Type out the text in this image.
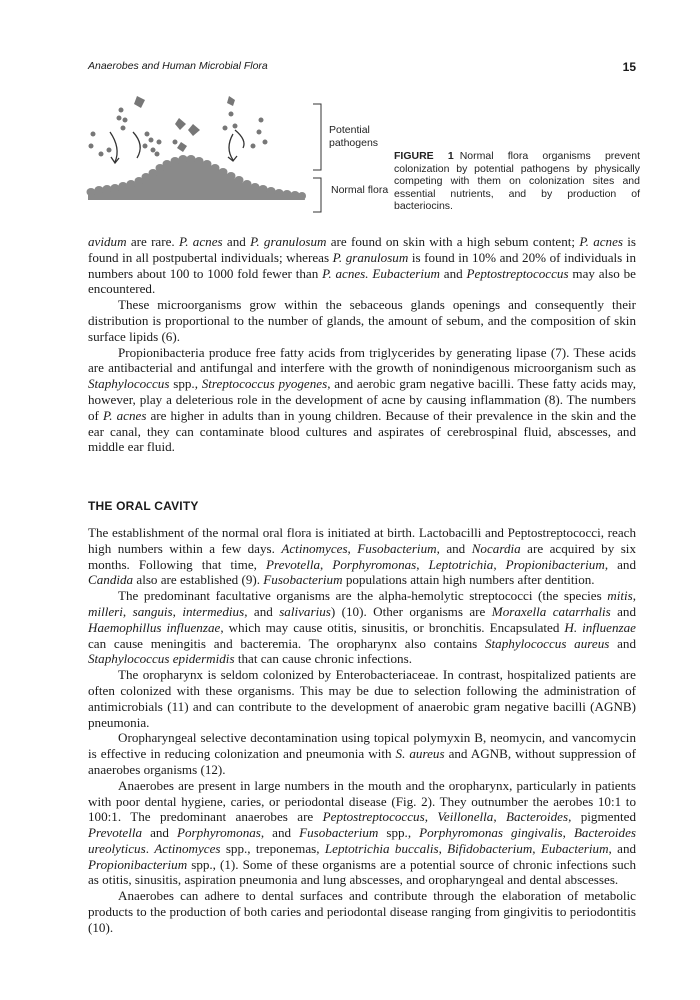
Anaerobes and Human Microbial Flora	15
Potential pathogens
Normal flora
FIGURE 1 Normal flora organisms prevent colonization by potential pathogens by physically competing with them on colonization sites and essential nutrients, and by production of bacteriocins.

avidum are rare. P. acnes and P. granulosum are found on skin with a high sebum content; P. acnes is found in all postpubertal individuals; whereas P. granulosum is found in 10% and 20% of individuals in numbers about 100 to 1000 fold fewer than P. acnes. Eubacterium and Peptostreptococcus may also be encountered.

These microorganisms grow within the sebaceous glands openings and consequently their distribution is proportional to the number of glands, the amount of sebum, and the composition of skin surface lipids (6).

Propionibacteria produce free fatty acids from triglycerides by generating lipase (7). These acids are antibacterial and antifungal and interfere with the growth of nonindigenous microorganism such as Staphylococcus spp., Streptococcus pyogenes, and aerobic gram negative bacilli. These fatty acids may, however, play a deleterious role in the development of acne by causing inflammation (8). The numbers of P. acnes are higher in adults than in young children. Because of their prevalence in the skin and the ear canal, they can contaminate blood cultures and aspirates of cerebrospinal fluid, abscesses, and middle ear fluid.

THE ORAL CAVITY

The establishment of the normal oral flora is initiated at birth. Lactobacilli and Peptostreptococci, reach high numbers within a few days. Actinomyces, Fusobacterium, and Nocardia are acquired by six months. Following that time, Prevotella, Porphyromonas, Leptotrichia, Propionibacterium, and Candida also are established (9). Fusobacterium populations attain high numbers after dentition.

The predominant facultative organisms are the alpha-hemolytic streptococci (the species mitis, milleri, sanguis, intermedius, and salivarius) (10). Other organisms are Moraxella catarrhalis and Haemophillus influenzae, which may cause otitis, sinusitis, or bronchitis. Encapsulated H. influenzae can cause meningitis and bacteremia. The oropharynx also contains Staphylococcus aureus and Staphylococcus epidermidis that can cause chronic infections.

The oropharynx is seldom colonized by Enterobacteriaceae. In contrast, hospitalized patients are often colonized with these organisms. This may be due to selection following the administration of antimicrobials (11) and can contribute to the development of anaerobic gram negative bacilli (AGNB) pneumonia.

Oropharyngeal selective decontamination using topical polymyxin B, neomycin, and vancomycin is effective in reducing colonization and pneumonia with S. aureus and AGNB, without suppression of anaerobes organisms (12).

Anaerobes are present in large numbers in the mouth and the oropharynx, particularly in patients with poor dental hygiene, caries, or periodontal disease (Fig. 2). They outnumber the aerobes 10:1 to 100:1. The predominant anaerobes are Peptostreptococcus, Veillonella, Bacteroides, pigmented Prevotella and Porphyromonas, and Fusobacterium spp., Porphyromonas gingivalis, Bacteroides ureolyticus. Actinomyces spp., treponemas, Leptotrichia buccalis, Bifidobacterium, Eubacterium, and Propionibacterium spp., (1). Some of these organisms are a potential source of chronic infections such as otitis, sinusitis, aspiration pneumonia and lung abscesses, and oropharyngeal and dental abscesses.

Anaerobes can adhere to dental surfaces and contribute through the elaboration of metabolic products to the production of both caries and periodontal disease ranging from gingivitis to periodontitis (10).
